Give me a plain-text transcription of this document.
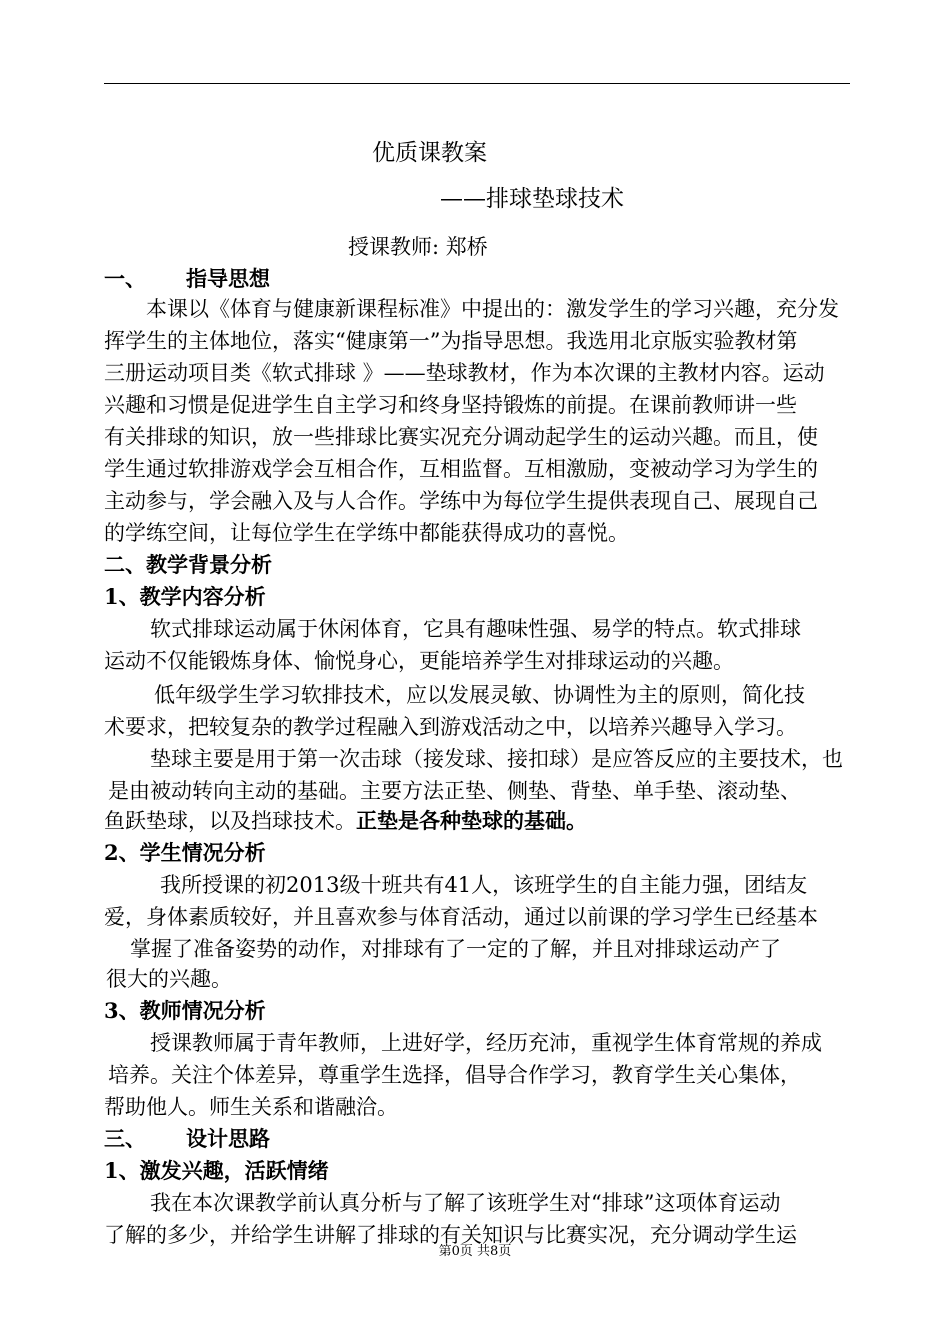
优质课教案
——排球垫球技术
授课教师: 郑桥
一、 指导思想
本课以《体育与健康新课程标准》中提出的：激发学生的学习兴趣，充分发
挥学生的主体地位，落实“健康第一”为指导思想。我选用北京版实验教材第
三册运动项目类《软式排球 》——垫球教材，作为本次课的主教材内容。运动
兴趣和习惯是促进学生自主学习和终身坚持锻炼的前提。在课前教师讲一些
有关排球的知识，放一些排球比赛实况充分调动起学生的运动兴趣。而且，使
学生通过软排游戏学会互相合作，互相监督。互相激励，变被动学习为学生的
主动参与，学会融入及与人合作。学练中为每位学生提供表现自己、展现自己
的学练空间，让每位学生在学练中都能获得成功的喜悦。
二、教学背景分析
1、教学内容分析
软式排球运动属于休闲体育，它具有趣味性强、易学的特点。软式排球
运动不仅能锻炼身体、愉悦身心，更能培养学生对排球运动的兴趣。
低年级学生学习软排技术，应以发展灵敏、协调性为主的原则，简化技
术要求，把较复杂的教学过程融入到游戏活动之中，以培养兴趣导入学习。
垫球主要是用于第一次击球（接发球、接扣球）是应答反应的主要技术，也
是由被动转向主动的基础。主要方法正垫、侧垫、背垫、单手垫、滚动垫、
鱼跃垫球，以及挡球技术。正垫是各种垫球的基础。
2、学生情况分析
我所授课的初2013级十班共有41人，该班学生的自主能力强，团结友
爱，身体素质较好，并且喜欢参与体育活动，通过以前课的学习学生已经基本
掌握了准备姿势的动作，对排球有了一定的了解，并且对排球运动产了
很大的兴趣。
3、教师情况分析
授课教师属于青年教师，上进好学，经历充沛，重视学生体育常规的养成
培养。关注个体差异，尊重学生选择，倡导合作学习，教育学生关心集体，
帮助他人。师生关系和谐融洽。
三、 设计思路
1、激发兴趣，活跃情绪
我在本次课教学前认真分析与了解了该班学生对“排球”这项体育运动
了解的多少，并给学生讲解了排球的有关知识与比赛实况，充分调动学生运
第0页 共8页
